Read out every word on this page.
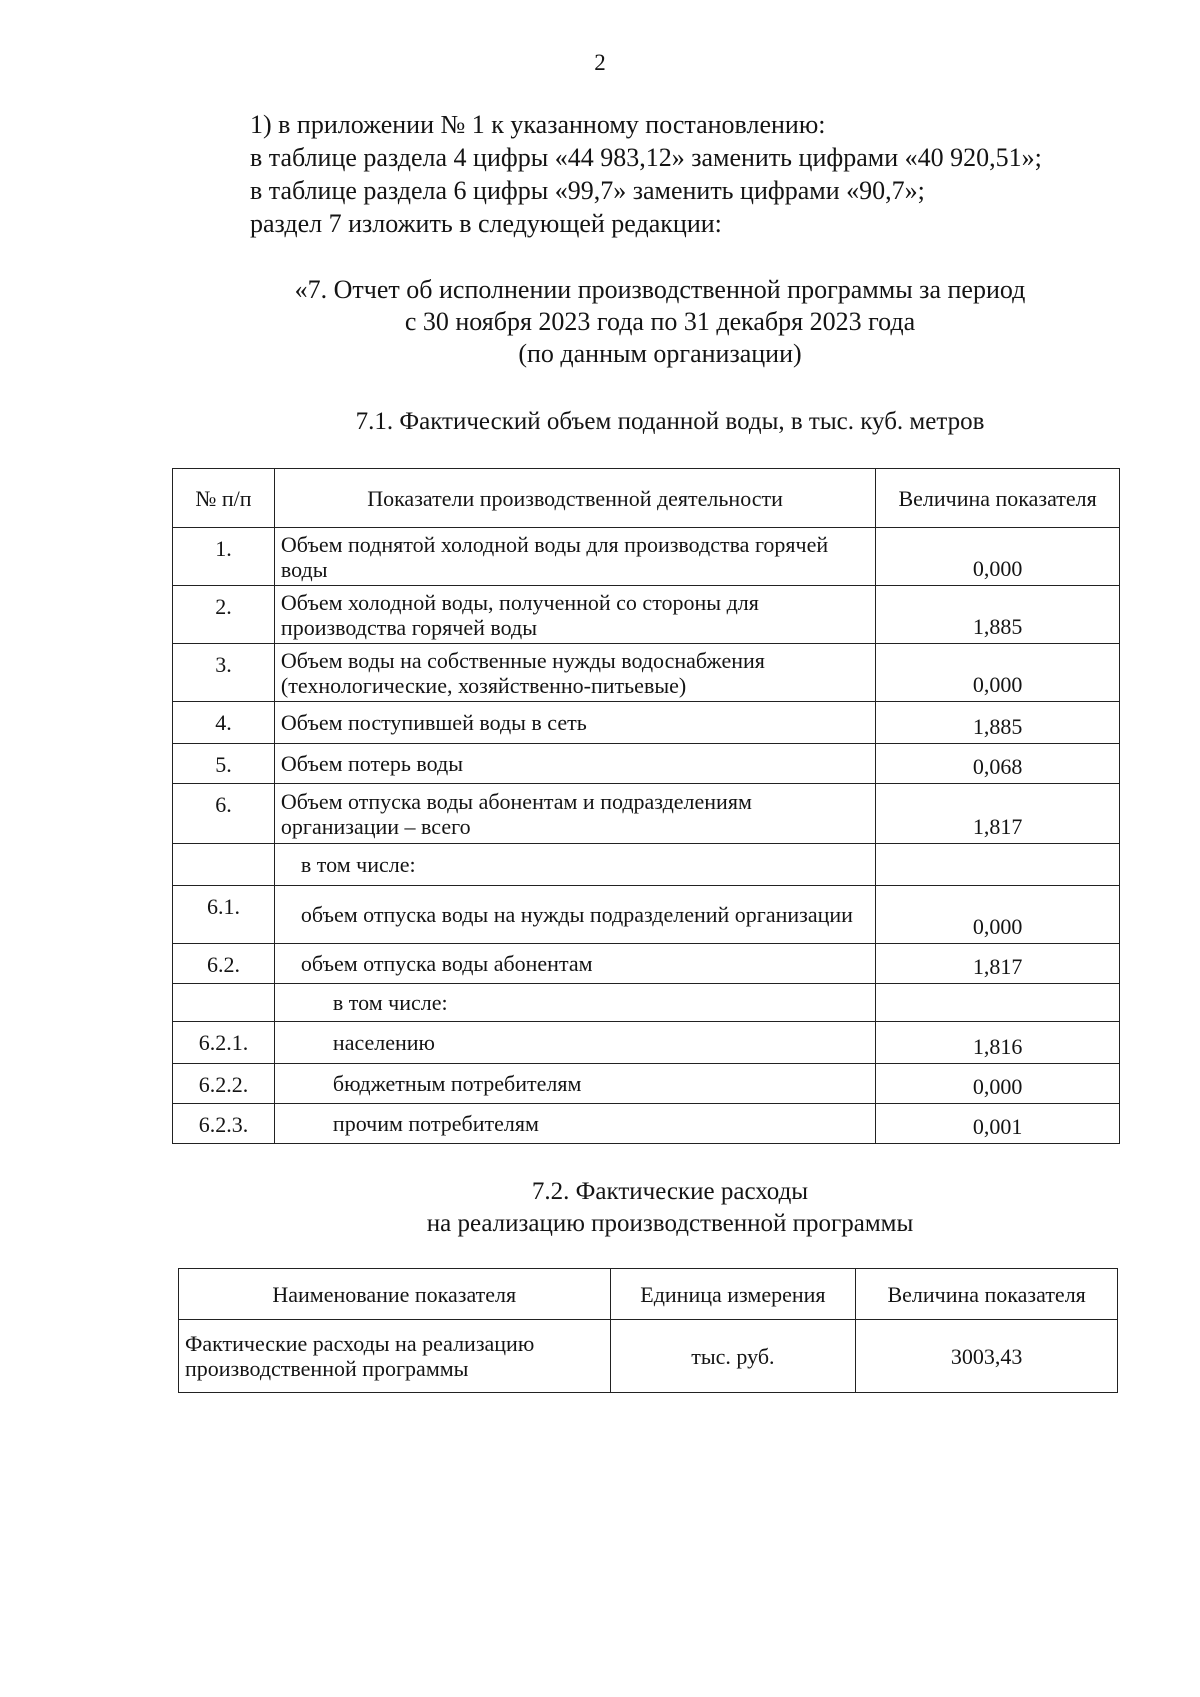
2
1) в приложении № 1 к указанному постановлению:
в таблице раздела 4 цифры «44 983,12» заменить цифрами «40 920,51»;
в таблице раздела 6 цифры «99,7» заменить цифрами «90,7»;
раздел 7 изложить в следующей редакции:
«7. Отчет об исполнении производственной программы за период
с 30 ноября 2023 года по 31 декабря 2023 года
(по данным организации)
7.1. Фактический объем поданной воды, в тыс. куб. метров
№ п/п	Показатели производственной деятельности	Величина показателя
1.	Объем поднятой холодной воды для производства горячей воды	0,000
2.	Объем холодной воды, полученной со стороны для производства горячей воды	1,885
3.	Объем воды на собственные нужды водоснабжения (технологические, хозяйственно-питьевые)	0,000
4.	Объем поступившей воды в сеть	1,885
5.	Объем потерь воды	0,068
6.	Объем отпуска воды абонентам и подразделениям организации – всего	1,817
	в том числе:	
6.1.	объем отпуска воды на нужды подразделений организации	0,000
6.2.	объем отпуска воды абонентам	1,817
	в том числе:	
6.2.1.	населению	1,816
6.2.2.	бюджетным потребителям	0,000
6.2.3.	прочим потребителям	0,001
7.2. Фактические расходы
на реализацию производственной программы
Наименование показателя	Единица измерения	Величина показателя
Фактические расходы на реализацию производственной программы	тыс. руб.	3003,43
